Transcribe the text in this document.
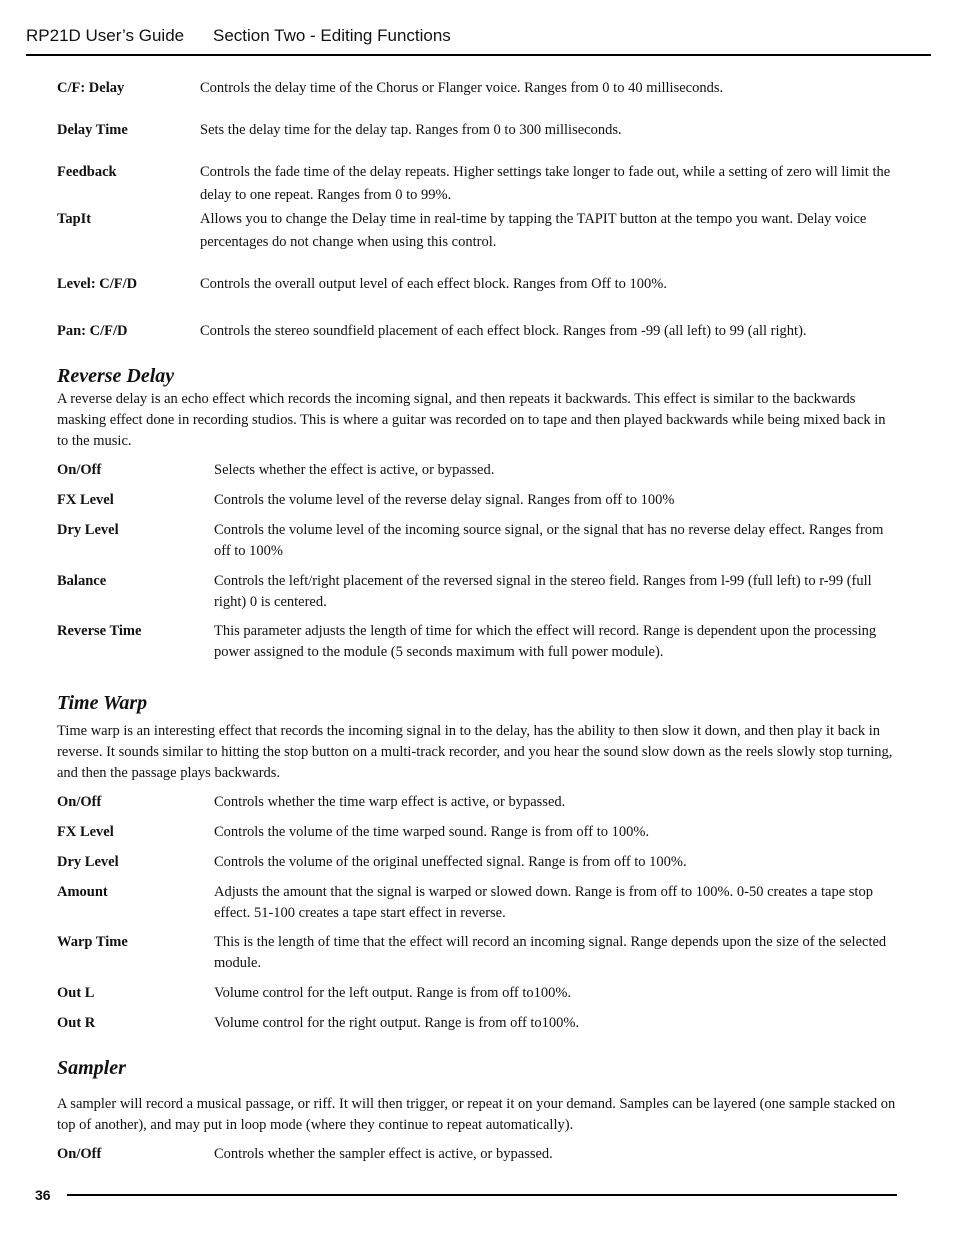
RP21D User’s Guide Section Two - Editing Functions
C/F: Delay	Controls the delay time of the Chorus or Flanger voice. Ranges from 0 to 40 milliseconds.
Delay Time	Sets the delay time for the delay tap. Ranges from 0 to 300 milliseconds.
Feedback	Controls the fade time of the delay repeats. Higher settings take longer to fade out, while a setting of zero will limit the delay to one repeat. Ranges from 0 to 99%.
TapIt	Allows you to change the Delay time in real-time by tapping the TAPIT button at the tempo you want. Delay voice percentages do not change when using this control.
Level: C/F/D	Controls the overall output level of each effect block. Ranges from Off to 100%.
Pan: C/F/D	Controls the stereo soundfield placement of each effect block. Ranges from -99 (all left) to 99 (all right).
Reverse Delay
A reverse delay is an echo effect which records the incoming signal, and then repeats it backwards. This effect is similar to the backwards masking effect done in recording studios. This is where a guitar was recorded on to tape and then played backwards while being mixed back in to the music.
On/Off	Selects whether the effect is active, or bypassed.
FX Level	Controls the volume level of the reverse delay signal. Ranges from off to 100%
Dry Level	Controls the volume level of the incoming source signal, or the signal that has no reverse delay effect. Ranges from off to 100%
Balance	Controls the left/right placement of the reversed signal in the stereo field. Ranges from l-99 (full left) to r-99 (full right) 0 is centered.
Reverse Time	This parameter adjusts the length of time for which the effect will record. Range is dependent upon the processing power assigned to the module (5 seconds maximum with full power module).
Time Warp
Time warp is an interesting effect that records the incoming signal in to the delay, has the ability to then slow it down, and then play it back in reverse. It sounds similar to hitting the stop button on a multi-track recorder, and you hear the sound slow down as the reels slowly stop turning, and then the passage plays backwards.
On/Off	Controls whether the time warp effect is active, or bypassed.
FX Level	Controls the volume of the time warped sound. Range is from off to 100%.
Dry Level	Controls the volume of the original uneffected signal. Range is from off to 100%.
Amount	Adjusts the amount that the signal is warped or slowed down. Range is from off to 100%. 0-50 creates a tape stop effect. 51-100 creates a tape start effect in reverse.
Warp Time	This is the length of time that the effect will record an incoming signal. Range depends upon the size of the selected module.
Out L	Volume control for the left output. Range is from off to100%.
Out R	Volume control for the right output. Range is from off to100%.
Sampler
A sampler will record a musical passage, or riff. It will then trigger, or repeat it on your demand. Samples can be layered (one sample stacked on top of another), and may put in loop mode (where they continue to repeat automatically).
On/Off	Controls whether the sampler effect is active, or bypassed.
36
